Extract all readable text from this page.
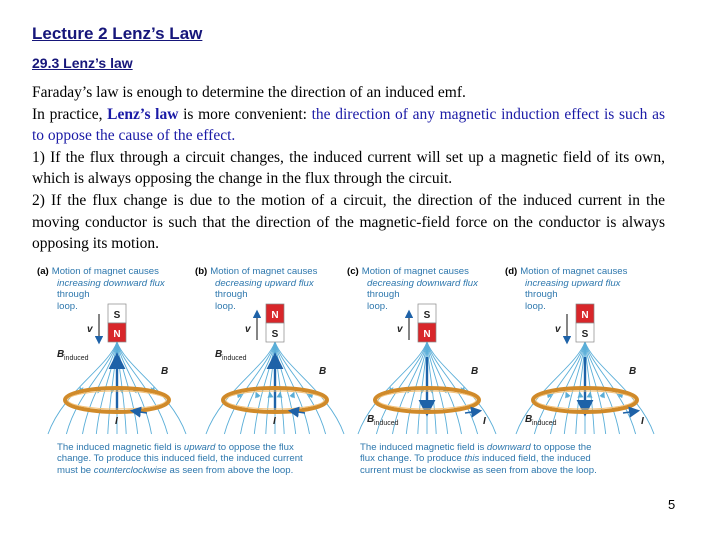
Lecture 2 Lenz’s Law
29.3 Lenz’s law

Faraday’s law is enough to determine the direction of an induced emf.

In practice, Lenz’s law is more convenient: the direction of any magnetic induction effect is such as to oppose the cause of the effect.

1) If the flux through a circuit changes, the induced current will set up a magnetic field of its own, which is always opposing the change in the flux through the circuit.

2) If the flux change is due to the motion of a circuit, the direction of the induced current in the moving conductor is such that the direction of the magnetic-field force on the conductor is always opposing its motion.

(a) Motion of magnet causes
increasing downward flux
through
loop.
S
N
v
B induced
B
I
(b) Motion of magnet causes
decreasing upward flux
through
loop.
N
S
v
B induced
B
I
(c) Motion of magnet causes
decreasing downward flux
through
loop.
S
N
v
B induced
B
I
(d) Motion of magnet causes
increasing upward flux
through
loop.
N
S
v
B induced
B
I
The induced magnetic field is upward to oppose the flux
change. To produce this induced field, the induced current
must be counterclockwise as seen from above the loop.
The induced magnetic field is downward to oppose the
flux change. To produce this induced field, the induced
current must be clockwise as seen from above the loop.
5
